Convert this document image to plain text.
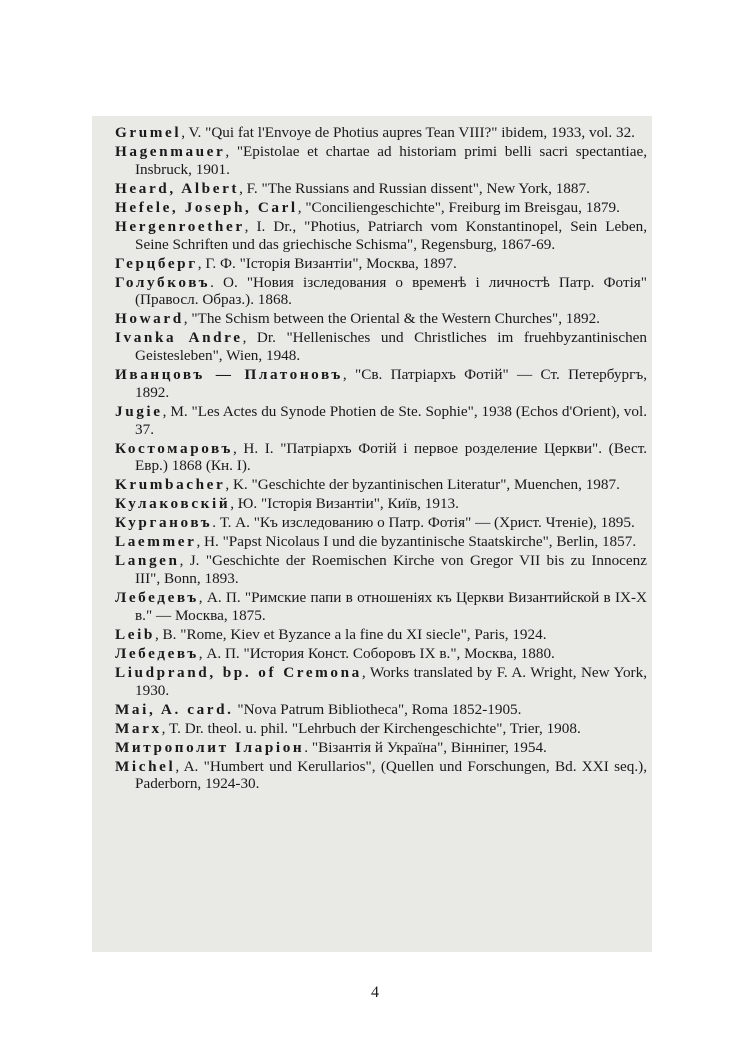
Grumel, V. "Qui fat l'Envoye de Photius aupres Tean VIII?" ibidem, 1933, vol. 32.
Hagenmauer, "Epistolae et chartae ad historiam primi belli sacri spectantiae, Insbruck, 1901.
Heard, Albert, F. "The Russians and Russian dissent", New York, 1887.
Hefele, Joseph, Carl, "Conciliengeschichte", Freiburg im Breisgau, 1879.
Hergenroether, I. Dr., "Photius, Patriarch vom Konstantinopel, Sein Leben, Seine Schriften und das griechische Schisma", Regensburg, 1867-69.
Герцберг, Г. Ф. "Історія Византіи", Москва, 1897.
Голубковъ. О. "Новия ізследования о временѣ і личностѣ Патр. Фотія" (Правосл. Образ.). 1868.
Howard, "The Schism between the Oriental & the Western Churches", 1892.
Ivanka Andre, Dr. "Hellenisches und Christliches im fruehbyzantinischen Geistesleben", Wien, 1948.
Иванцовъ — Платоновъ, "Св. Патріархъ Фотій" — Ст. Петербургъ, 1892.
Jugie, M. "Les Actes du Synode Photien de Ste. Sophie", 1938 (Echos d'Orient), vol. 37.
Костомаровъ, Н. І. "Патріархъ Фотій і первое розделение Церкви". (Вест. Евр.) 1868 (Кн. І).
Krumbacher, K. "Geschichte der byzantinischen Literatur", Muenchen, 1987.
Кулаковскій, Ю. "Історія Византіи", Київ, 1913.
Кургановъ. Т. А. "Къ изследованию о Патр. Фотія" — (Христ. Чтеніе), 1895.
Laemmer, H. "Papst Nicolaus I und die byzantinische Staatskirche", Berlin, 1857.
Langen, J. "Geschichte der Roemischen Kirche von Gregor VII bis zu Innocenz III", Bonn, 1893.
Лебедевъ, А. П. "Римские папи в отношенiях къ Церкви Византийской в IX-X в." — Москва, 1875.
Leib, B. "Rome, Kiev et Byzance a la fine du XI siecle", Paris, 1924.
Лебедевъ, А. П. "История Конст. Соборовъ IX в.", Москва, 1880.
Liudprand, bp. of Cremona, Works translated by F. A. Wright, New York, 1930.
Mai, A. card. "Nova Patrum Bibliotheca", Roma 1852-1905.
Marx, T. Dr. theol. u. phil. "Lehrbuch der Kirchengeschichte", Trier, 1908.
Митрополит Іларіон. "Візантія й Україна", Вінніпег, 1954.
Michel, A. "Humbert und Kerullarios", (Quellen und Forschungen, Bd. XXI seq.), Paderborn, 1924-30.
4
